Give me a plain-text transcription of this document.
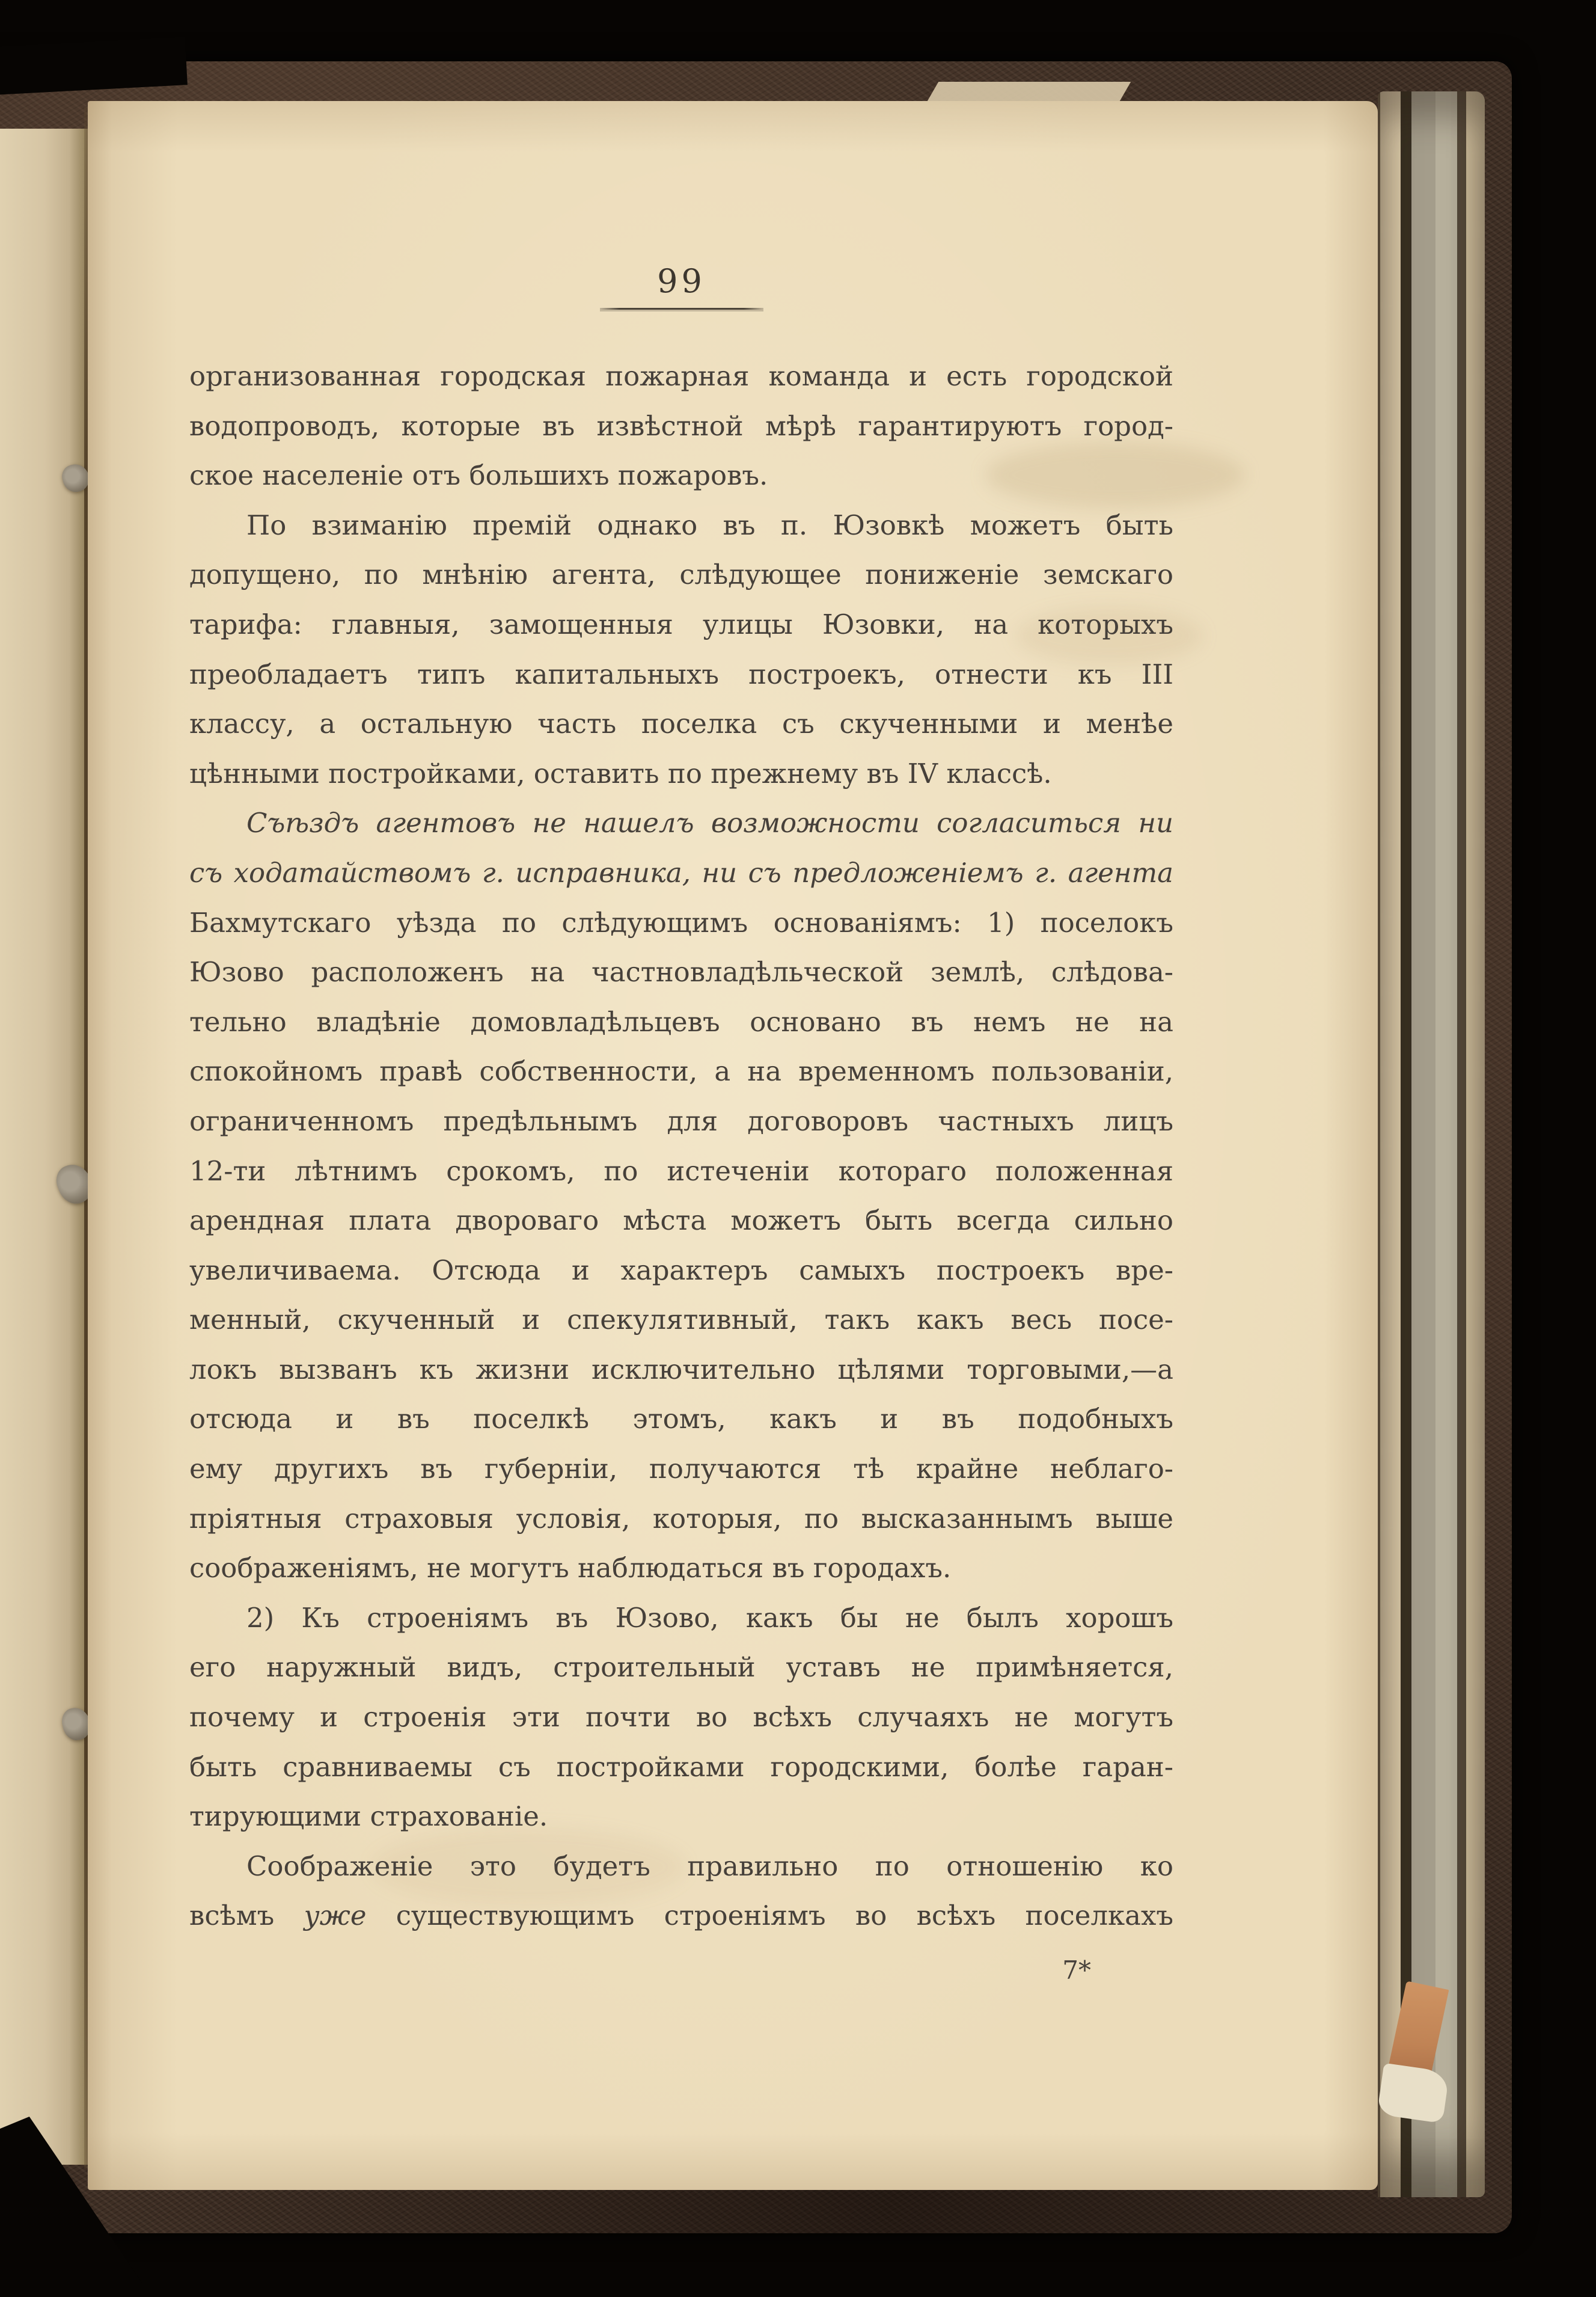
99
организованная городская пожарная команда и есть городской
водопроводъ, которые въ извѣстной мѣрѣ гарантируютъ город-
ское населеніе отъ большихъ пожаровъ.
По взиманію премій однако въ п. Юзовкѣ можетъ быть
допущено, по мнѣнію агента, слѣдующее пониженіе земскаго
тарифа: главныя, замощенныя улицы Юзовки, на которыхъ
преобладаетъ типъ капитальныхъ построекъ, отнести къ III
классу, а остальную часть поселка съ скученными и менѣе
цѣнными постройками, оставить по прежнему въ IV классѣ.
Съѣздъ агентовъ не нашелъ возможности согласиться ни
съ ходатайствомъ г. исправника, ни съ предложеніемъ г. агента
Бахмутскаго уѣзда по слѣдующимъ основаніямъ: 1) поселокъ
Юзово расположенъ на частновладѣльческой землѣ, слѣдова-
тельно владѣніе домовладѣльцевъ основано въ немъ не на
спокойномъ правѣ собственности, а на временномъ пользованіи,
ограниченномъ предѣльнымъ для договоровъ частныхъ лицъ
12-ти лѣтнимъ срокомъ, по истеченіи котораго положенная
арендная плата двороваго мѣста можетъ быть всегда сильно
увеличиваема. Отсюда и характеръ самыхъ построекъ вре-
менный, скученный и спекулятивный, такъ какъ весь посе-
локъ вызванъ къ жизни исключительно цѣлями торговыми,—а
отсюда и въ поселкѣ этомъ, какъ и въ подобныхъ
ему другихъ въ губерніи, получаются тѣ крайне неблаго-
пріятныя страховыя условія, которыя, по высказаннымъ выше
соображеніямъ, не могутъ наблюдаться въ городахъ.
2) Къ строеніямъ въ Юзово, какъ бы не былъ хорошъ
его наружный видъ, строительный уставъ не примѣняется,
почему и строенія эти почти во всѣхъ случаяхъ не могутъ
быть сравниваемы съ постройками городскими, болѣе гаран-
тирующими страхованіе.
Соображеніе это будетъ правильно по отношенію ко
всѣмъ уже существующимъ строеніямъ во всѣхъ поселкахъ
7*
